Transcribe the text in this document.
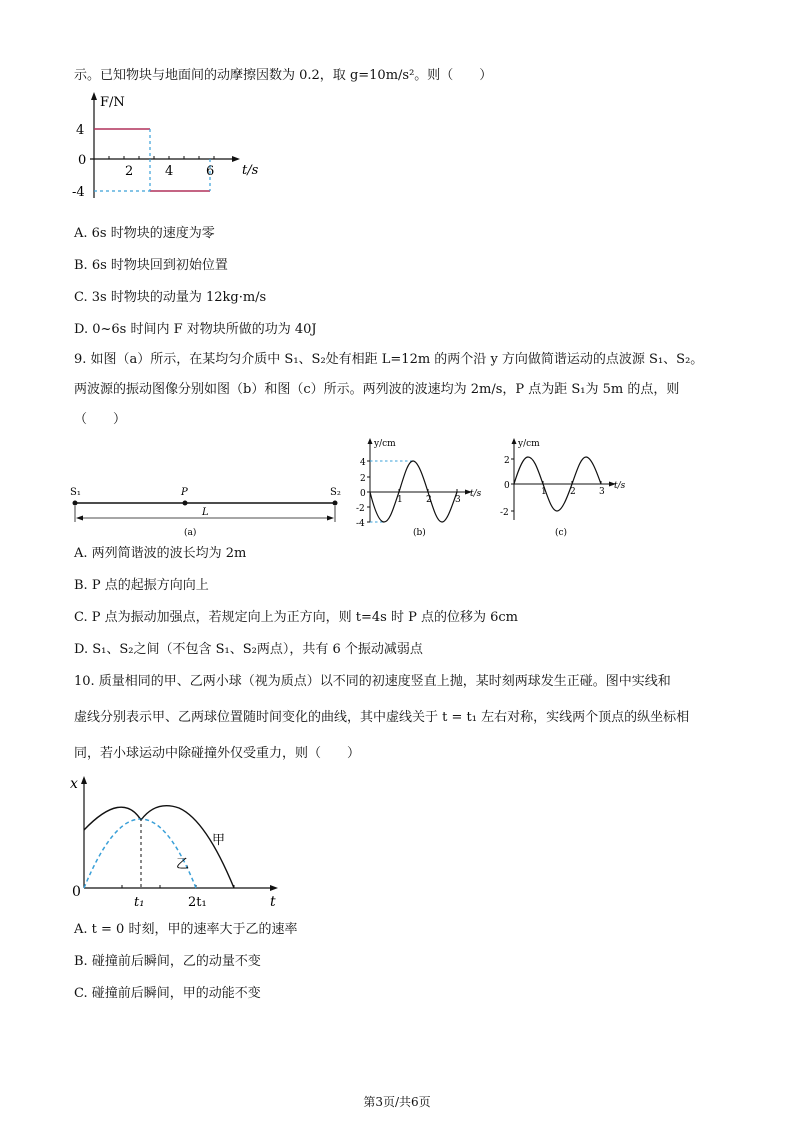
示。已知物块与地面间的动摩擦因数为 0.2，取 g=10m/s²。则（　　）
F/N
4
0
-4
2 4	6 t/s
A. 6s 时物块的速度为零
B. 6s 时物块回到初始位置
C. 3s 时物块的动量为 12kg·m/s
D. 0~6s 时间内 F 对物块所做的功为 40J
9. 如图（a）所示，在某均匀介质中 S₁、S₂处有相距 L=12m 的两个沿 y 方向做简谐运动的点波源 S₁、S₂。
两波源的振动图像分别如图（b）和图（c）所示。两列波的波速均为 2m/s，P 点为距 S₁为 5m 的点，则
（　　）
S₁	P	S₂
L
(a)
y/cm
4
2
0
-2
-4
1	2	3
t/s
(b)
y/cm
2
0
-2
1	2	3
t/s
(c)
A. 两列简谐波的波长均为 2m
B. P 点的起振方向向上
C. P 点为振动加强点，若规定向上为正方向，则 t=4s 时 P 点的位移为 6cm
D. S₁、S₂之间（不包含 S₁、S₂两点），共有 6 个振动减弱点
10. 质量相同的甲、乙两小球（视为质点）以不同的初速度竖直上抛，某时刻两球发生正碰。图中实线和
虚线分别表示甲、乙两球位置随时间变化的曲线，其中虚线关于 t = t₁ 左右对称，实线两个顶点的纵坐标相
同，若小球运动中除碰撞外仅受重力，则（　　）
x
0
t₁	2t₁	t
甲
乙
A. t = 0 时刻，甲的速率大于乙的速率
B. 碰撞前后瞬间，乙的动量不变
C. 碰撞前后瞬间，甲的动能不变
第3页/共6页
